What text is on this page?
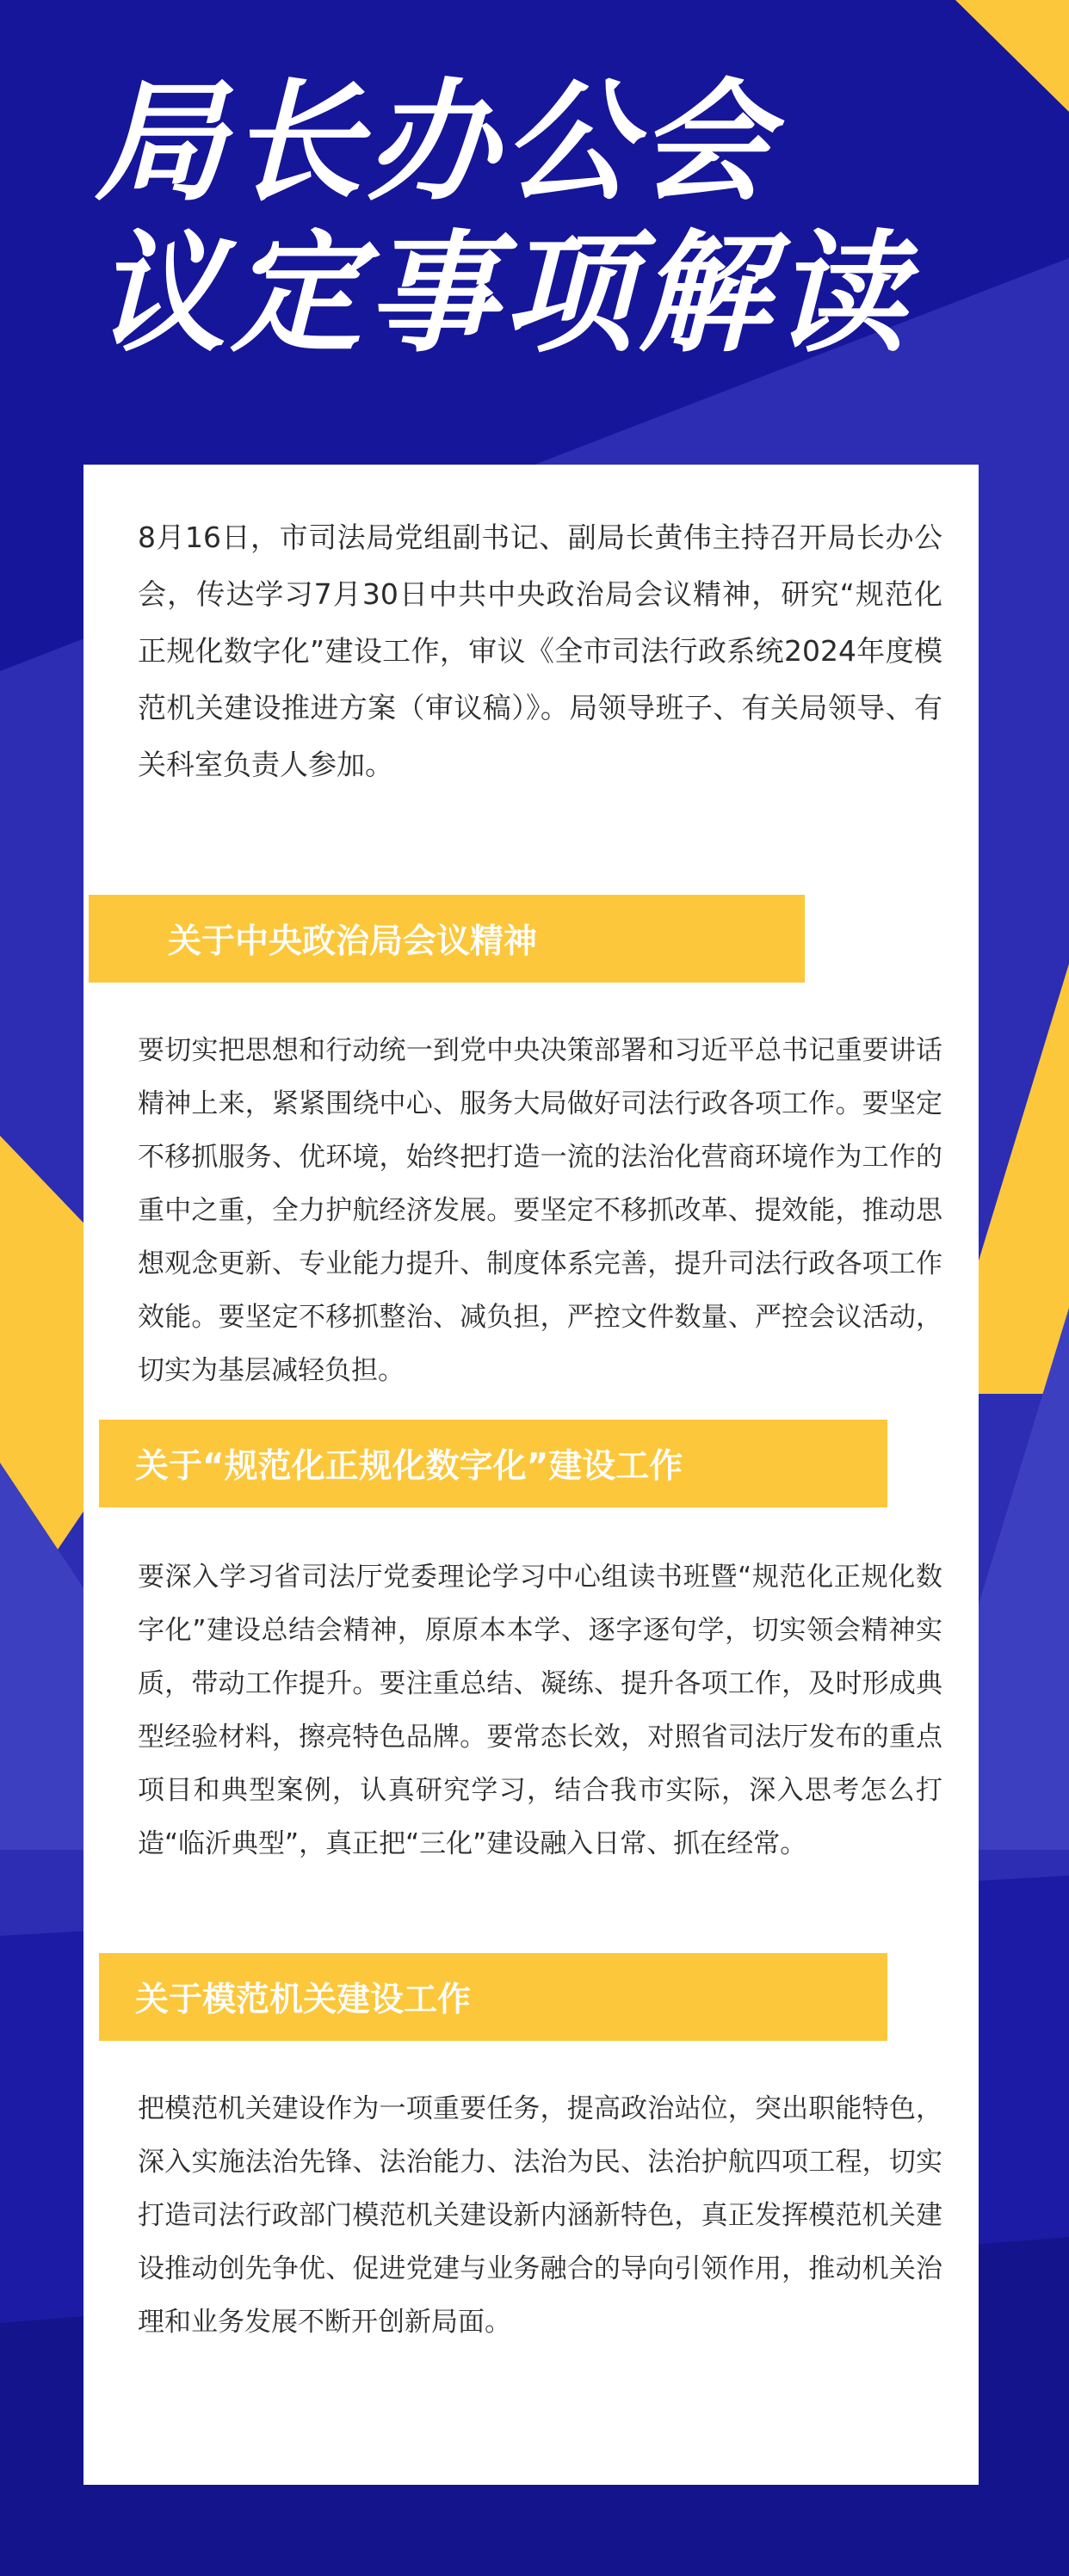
局长办公会
议定事项解读

8月16日，市司法局党组副书记、副局长黄伟主持召开局长办公会，传达学习7月30日中共中央政治局会议精神，研究“规范化正规化数字化”建设工作，审议《全市司法行政系统2024年度模范机关建设推进方案（审议稿）》。局领导班子、有关局领导、有关科室负责人参加。

关于中央政治局会议精神

要切实把思想和行动统一到党中央决策部署和习近平总书记重要讲话精神上来，紧紧围绕中心、服务大局做好司法行政各项工作。要坚定不移抓服务、优环境，始终把打造一流的法治化营商环境作为工作的重中之重，全力护航经济发展。要坚定不移抓改革、提效能，推动思想观念更新、专业能力提升、制度体系完善，提升司法行政各项工作效能。要坚定不移抓整治、减负担，严控文件数量、严控会议活动，切实为基层减轻负担。

关于“规范化正规化数字化”建设工作

要深入学习省司法厅党委理论学习中心组读书班暨“规范化正规化数字化”建设总结会精神，原原本本学、逐字逐句学，切实领会精神实质，带动工作提升。要注重总结、凝练、提升各项工作，及时形成典型经验材料，擦亮特色品牌。要常态长效，对照省司法厅发布的重点项目和典型案例，认真研究学习，结合我市实际，深入思考怎么打造“临沂典型”，真正把“三化”建设融入日常、抓在经常。

关于模范机关建设工作

把模范机关建设作为一项重要任务，提高政治站位，突出职能特色，深入实施法治先锋、法治能力、法治为民、法治护航四项工程，切实打造司法行政部门模范机关建设新内涵新特色，真正发挥模范机关建设推动创先争优、促进党建与业务融合的导向引领作用，推动机关治理和业务发展不断开创新局面。
